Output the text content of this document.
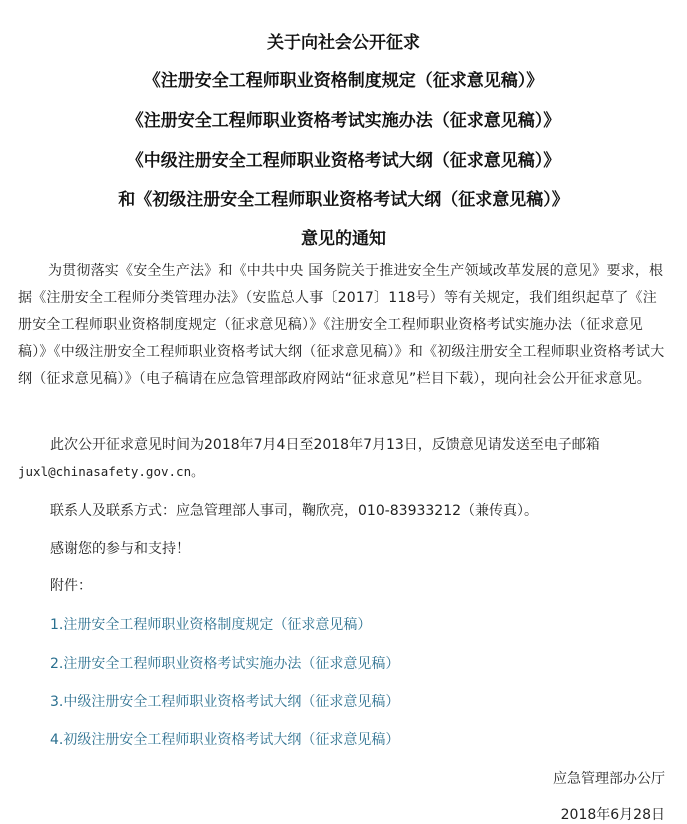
关于向社会公开征求
《注册安全工程师职业资格制度规定（征求意见稿）》
《注册安全工程师职业资格考试实施办法（征求意见稿）》
《中级注册安全工程师职业资格考试大纲（征求意见稿）》
和《初级注册安全工程师职业资格考试大纲（征求意见稿）》
意见的通知

为贯彻落实《安全生产法》和《中共中央 国务院关于推进安全生产领域改革发展的意见》要求，根据《注册安全工程师分类管理办法》（安监总人事〔2017〕118号）等有关规定，我们组织起草了《注册安全工程师职业资格制度规定（征求意见稿）》《注册安全工程师职业资格考试实施办法（征求意见稿）》《中级注册安全工程师职业资格考试大纲（征求意见稿）》和《初级注册安全工程师职业资格考试大纲（征求意见稿）》（电子稿请在应急管理部政府网站“征求意见”栏目下载），现向社会公开征求意见。

此次公开征求意见时间为2018年7月4日至2018年7月13日，反馈意见请发送至电子邮箱
juxl@chinasafety.gov.cn。
联系人及联系方式：应急管理部人事司，鞠欣亮，010-83933212（兼传真）。
感谢您的参与和支持！
附件：
1.注册安全工程师职业资格制度规定（征求意见稿）
2.注册安全工程师职业资格考试实施办法（征求意见稿）
3.中级注册安全工程师职业资格考试大纲（征求意见稿）
4.初级注册安全工程师职业资格考试大纲（征求意见稿）
应急管理部办公厅
2018年6月28日
